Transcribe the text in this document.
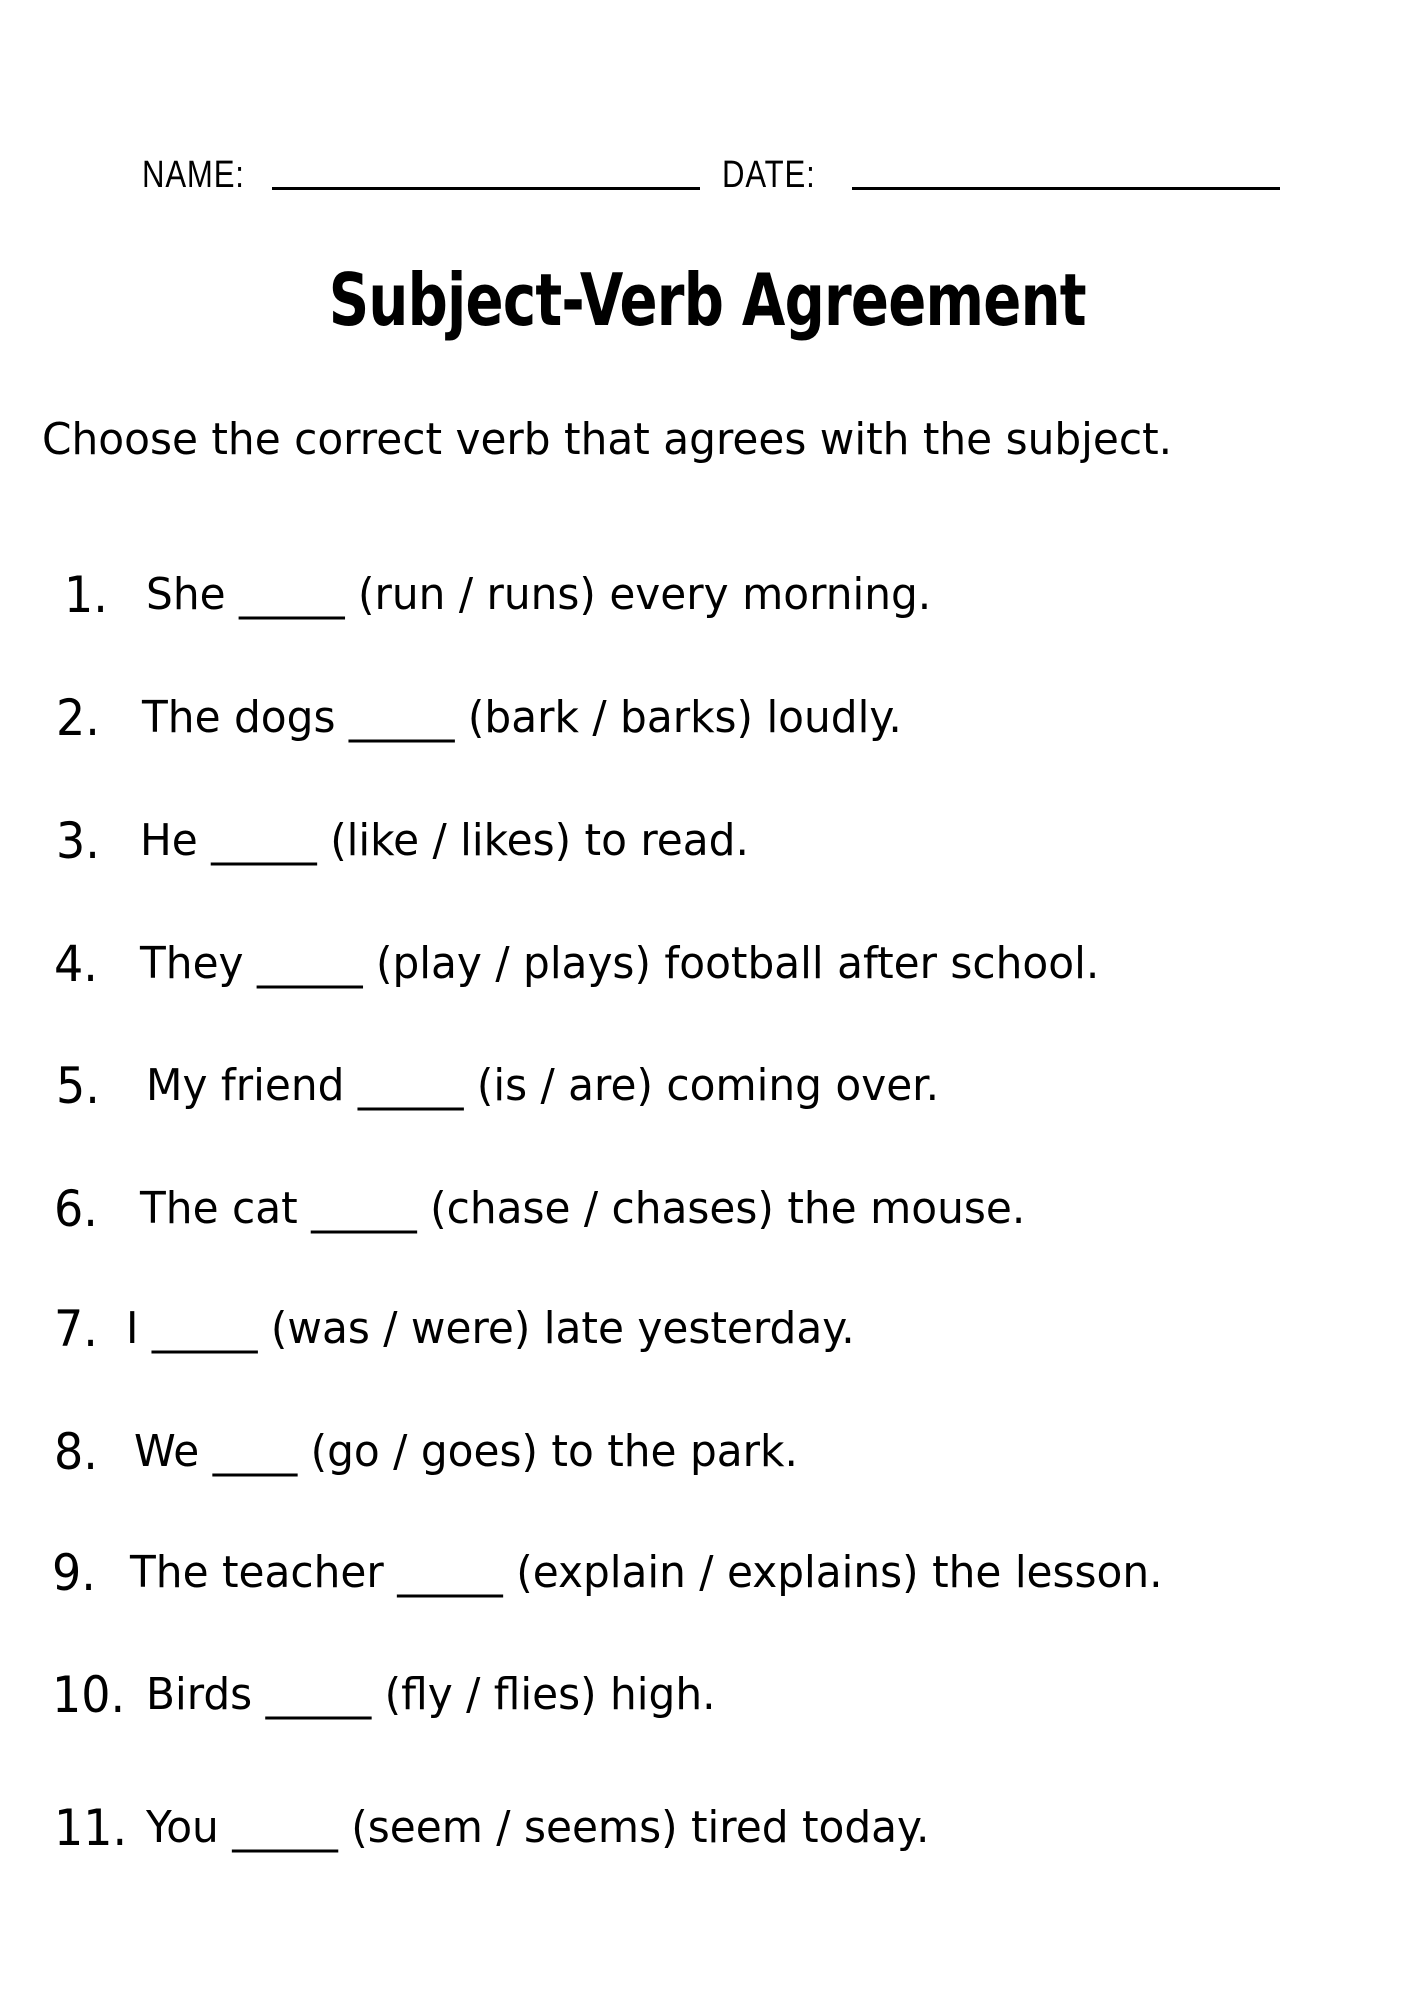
NAME:	DATE:
Subject-Verb Agreement
Choose the correct verb that agrees with the subject.
1. She _____ (run / runs) every morning.
2. The dogs _____ (bark / barks) loudly.
3. He _____ (like / likes) to read.
4. They _____ (play / plays) football after school.
5. My friend _____ (is / are) coming over.
6. The cat _____ (chase / chases) the mouse.
7. I _____ (was / were) late yesterday.
8. We ____ (go / goes) to the park.
9. The teacher _____ (explain / explains) the lesson.
10. Birds _____ (fly / flies) high.
11. You _____ (seem / seems) tired today.
